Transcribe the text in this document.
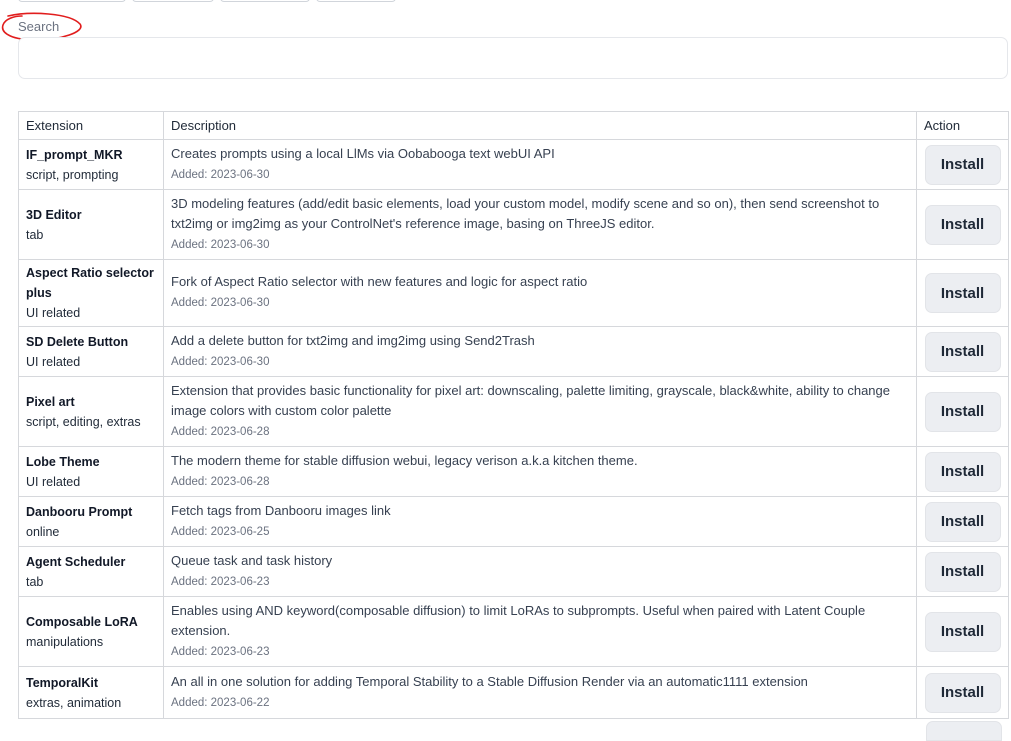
Search
Extension	Description	Action

IF_prompt_MKR
script, prompting	Creates prompts using a local LlMs via Oobabooga text webUI API
Added: 2023-06-30	Install

3D Editor
tab	3D modeling features (add/edit basic elements, load your custom model, modify scene and so on), then send screenshot to txt2img or img2img as your ControlNet's reference image, basing on ThreeJS editor.
Added: 2023-06-30	Install

Aspect Ratio selector plus
UI related	Fork of Aspect Ratio selector with new features and logic for aspect ratio
Added: 2023-06-30	Install

SD Delete Button
UI related	Add a delete button for txt2img and img2img using Send2Trash
Added: 2023-06-30	Install

Pixel art
script, editing, extras	Extension that provides basic functionality for pixel art: downscaling, palette limiting, grayscale, black&white, ability to change image colors with custom color palette
Added: 2023-06-28	Install

Lobe Theme
UI related	The modern theme for stable diffusion webui, legacy verison a.k.a kitchen theme.
Added: 2023-06-28	Install

Danbooru Prompt
online	Fetch tags from Danbooru images link
Added: 2023-06-25	Install

Agent Scheduler
tab	Queue task and task history
Added: 2023-06-23	Install

Composable LoRA
manipulations	Enables using AND keyword(composable diffusion) to limit LoRAs to subprompts. Useful when paired with Latent Couple extension.
Added: 2023-06-23	Install

TemporalKit
extras, animation	An all in one solution for adding Temporal Stability to a Stable Diffusion Render via an automatic1111 extension
Added: 2023-06-22	Install
